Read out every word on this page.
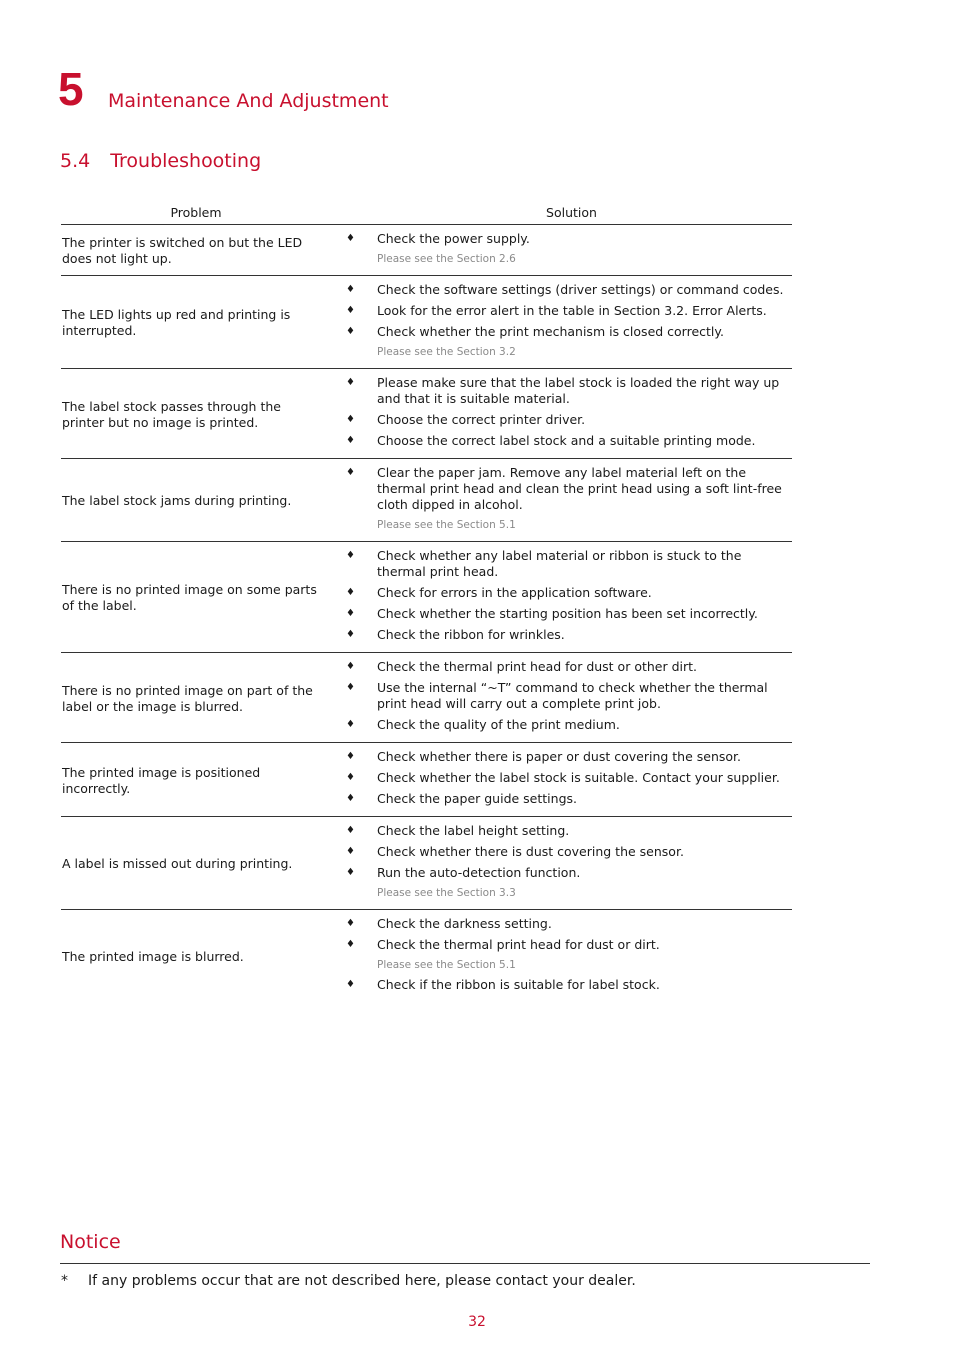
5 Maintenance And Adjustment
5.4 Troubleshooting
Problem	Solution
The printer is switched on but the LED does not light up.
♦	Check the power supply.
Please see the Section 2.6
The LED lights up red and printing is interrupted.
♦	Check the software settings (driver settings) or command codes.
♦	Look for the error alert in the table in Section 3.2. Error Alerts.
♦	Check whether the print mechanism is closed correctly.
Please see the Section 3.2
The label stock passes through the printer but no image is printed.
♦	Please make sure that the label stock is loaded the right way up and that it is suitable material.
♦	Choose the correct printer driver.
♦	Choose the correct label stock and a suitable printing mode.
The label stock jams during printing.
♦	Clear the paper jam. Remove any label material left on the thermal print head and clean the print head using a soft lint-free cloth dipped in alcohol.
Please see the Section 5.1
There is no printed image on some parts of the label.
♦	Check whether any label material or ribbon is stuck to the thermal print head.
♦	Check for errors in the application software.
♦	Check whether the starting position has been set incorrectly.
♦	Check the ribbon for wrinkles.
There is no printed image on part of the label or the image is blurred.
♦	Check the thermal print head for dust or other dirt.
♦	Use the internal “~T” command to check whether the thermal print head will carry out a complete print job.
♦	Check the quality of the print medium.
The printed image is positioned incorrectly.
♦	Check whether there is paper or dust covering the sensor.
♦	Check whether the label stock is suitable. Contact your supplier.
♦	Check the paper guide settings.
A label is missed out during printing.
♦	Check the label height setting.
♦	Check whether there is dust covering the sensor.
♦	Run the auto-detection function.
Please see the Section 3.3
The printed image is blurred.
♦	Check the darkness setting.
♦	Check the thermal print head for dust or dirt.
Please see the Section 5.1
♦	Check if the ribbon is suitable for label stock.
Notice
*	If any problems occur that are not described here, please contact your dealer.
32
